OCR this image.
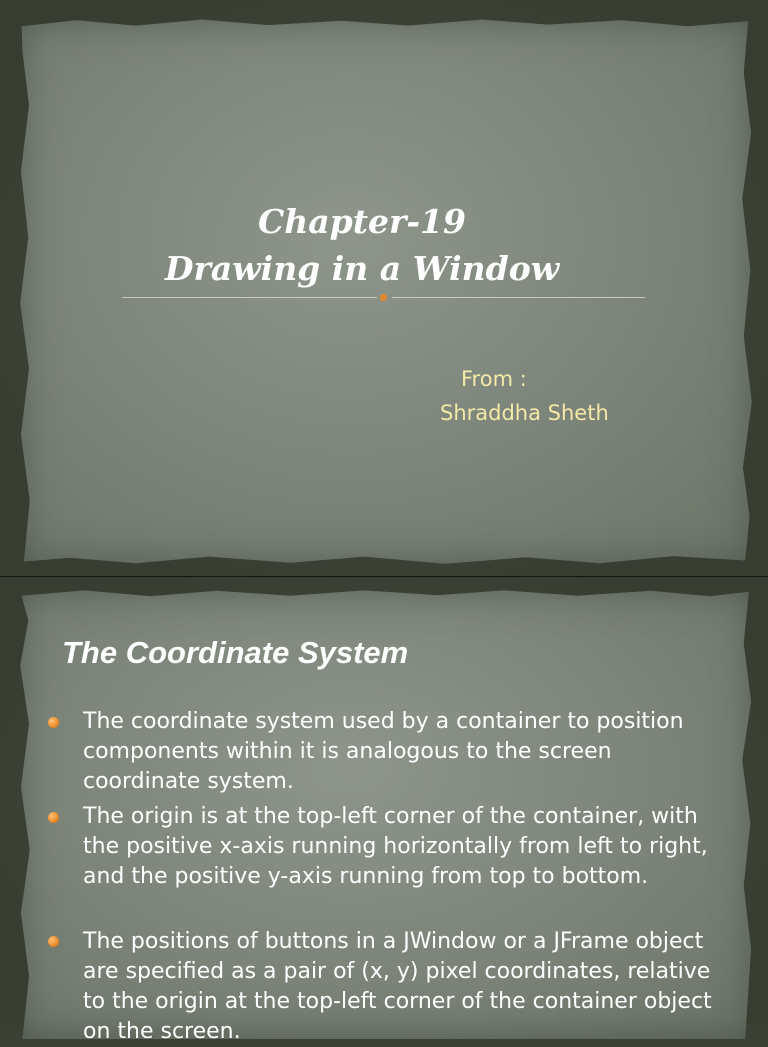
Chapter-19
Drawing in a Window
From :
Shraddha Sheth
The Coordinate System
The coordinate system used by a container to position components within it is analogous to the screen coordinate system.
The origin is at the top-left corner of the container, with the positive x-axis running horizontally from left to right, and the positive y-axis running from top to bottom.
The positions of buttons in a JWindow or a JFrame object are specified as a pair of (x, y) pixel coordinates, relative to the origin at the top-left corner of the container object on the screen.
